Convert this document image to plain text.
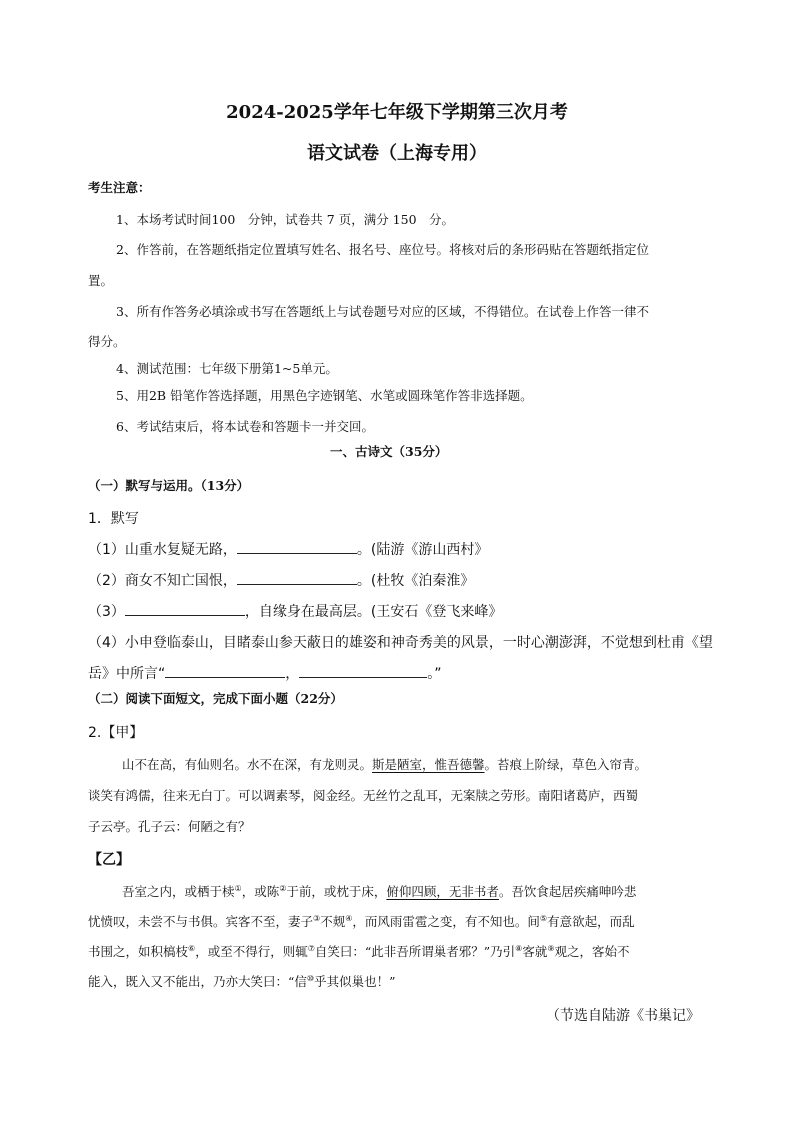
2024-2025学年七年级下学期第三次月考
语文试卷（上海专用）
考生注意：
1、本场考试时间100　分钟，试卷共 7 页，满分 150　分。
2、作答前，在答题纸指定位置填写姓名、报名号、座位号。将核对后的条形码贴在答题纸指定位
置。
3、所有作答务必填涂或书写在答题纸上与试卷题号对应的区域，不得错位。在试卷上作答一律不
得分。
4、测试范围：七年级下册第1~5单元。
5、用2B 铅笔作答选择题，用黑色字迹钢笔、水笔或圆珠笔作答非选择题。
6、考试结束后，将本试卷和答题卡一并交回。
一、古诗文（35分）
（一）默写与运用。（13分）
1．默写
（1）山重水复疑无路，	。(陆游《游山西村》
（2）商女不知亡国恨，	。(杜牧《泊秦淮》
（3）	，自缘身在最高层。(王安石《登飞来峰》
（4）小申登临泰山，目睹泰山参天蔽日的雄姿和神奇秀美的风景，一时心潮澎湃，不觉想到杜甫《望
岳》中所言“	，	。”
（二）阅读下面短文，完成下面小题（22分）
2.【甲】
山不在高，有仙则名。水不在深，有龙则灵。斯是陋室，惟吾德馨。苔痕上阶绿，草色入帘青。
谈笑有鸿儒，往来无白丁。可以调素琴，阅金经。无丝竹之乱耳，无案牍之劳形。南阳诸葛庐，西蜀
子云亭。孔子云：何陋之有？
【乙】
吾室之内，或栖于椟①，或陈②于前，或枕于床，俯仰四顾，无非书者。吾饮食起居疾痛呻吟悲
忧愤叹，未尝不与书俱。宾客不至，妻子③不觌④，而风雨雷雹之变，有不知也。间⑤有意欲起，而乱
书围之，如积槁枝⑥，或至不得行，则辄⑦自笑曰：“此非吾所谓巢者邪？”乃引⑧客就⑨观之，客始不
能入，既入又不能出，乃亦大笑曰：“信⑩乎其似巢也！”
（节选自陆游《书巢记》
